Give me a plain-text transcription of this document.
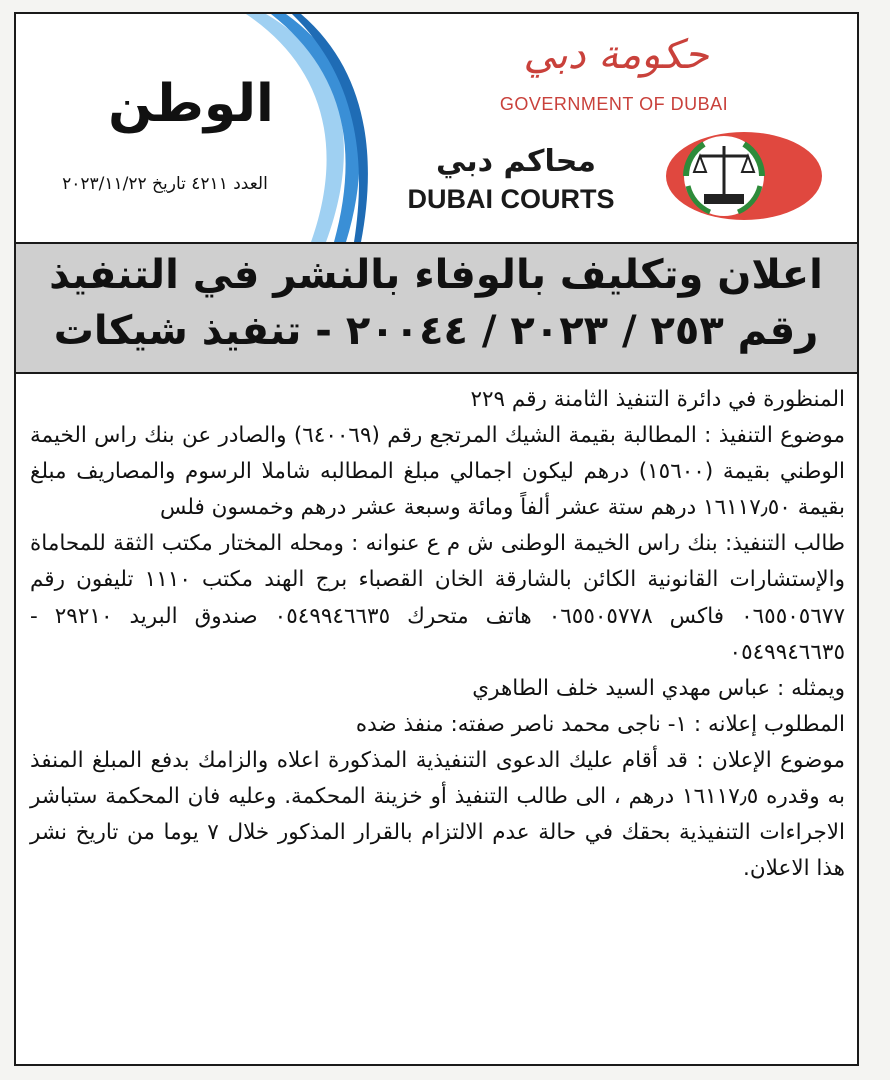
الوطن
العدد ٤٢١١ تاريخ ٢٠٢٣/١١/٢٢
حكومة دبي
GOVERNMENT OF DUBAI
محاكم دبي
DUBAI COURTS
اعلان وتكليف بالوفاء بالنشر في التنفيذ
رقم ٢٥٣ / ٢٠٢٣ / ٢٠٠٤٤ - تنفيذ شيكات

المنظورة في دائرة التنفيذ الثامنة رقم ٢٢٩

موضوع التنفيذ : المطالبة بقيمة الشيك المرتجع رقم (٦٤٠٠٦٩) والصادر عن بنك راس الخيمة الوطني بقيمة (١٥٦٠٠) درهم ليكون اجمالي مبلغ المطالبه شاملا الرسوم والمصاريف مبلغ بقيمة ١٦١١٧٫٥٠ درهم ستة عشر ألفاً ومائة وسبعة عشر درهم وخمسون فلس

طالب التنفيذ: بنك راس الخيمة الوطنى ش م ع عنوانه : ومحله المختار مكتب الثقة للمحاماة والإستشارات القانونية الكائن بالشارقة الخان القصباء برج الهند مكتب ١١١٠ تليفون رقم ٠٦٥٥٠٥٦٧٧ فاكس ٠٦٥٥٠٥٧٧٨ هاتف متحرك ٠٥٤٩٩٤٦٦٣٥ صندوق البريد ٢٩٢١٠ - ٠٥٤٩٩٤٦٦٣٥

ويمثله : عباس مهدي السيد خلف الطاهري

المطلوب إعلانه : ١- ناجى محمد ناصر صفته: منفذ ضده

موضوع الإعلان : قد أقام عليك الدعوى التنفيذية المذكورة اعلاه والزامك بدفع المبلغ المنفذ به وقدره ١٦١١٧٫٥ درهم ، الى طالب التنفيذ أو خزينة المحكمة. وعليه فان المحكمة ستباشر الاجراءات التنفيذية بحقك في حالة عدم الالتزام بالقرار المذكور خلال ٧ يوما من تاريخ نشر هذا الاعلان.
